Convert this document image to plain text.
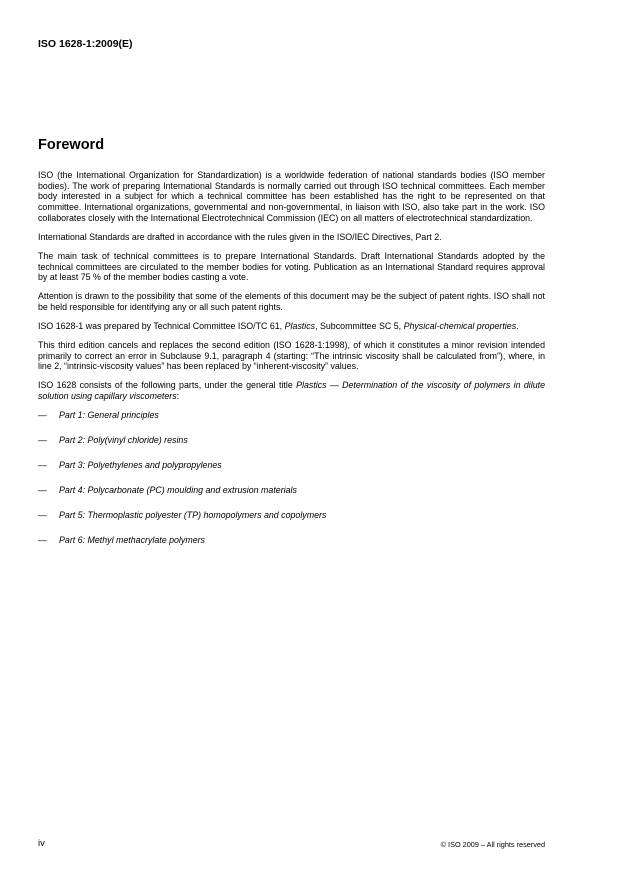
ISO 1628-1:2009(E)
Foreword

ISO (the International Organization for Standardization) is a worldwide federation of national standards bodies (ISO member bodies). The work of preparing International Standards is normally carried out through ISO technical committees. Each member body interested in a subject for which a technical committee has been established has the right to be represented on that committee. International organizations, governmental and non-governmental, in liaison with ISO, also take part in the work. ISO collaborates closely with the International Electrotechnical Commission (IEC) on all matters of electrotechnical standardization.

International Standards are drafted in accordance with the rules given in the ISO/IEC Directives, Part 2.

The main task of technical committees is to prepare International Standards. Draft International Standards adopted by the technical committees are circulated to the member bodies for voting. Publication as an International Standard requires approval by at least 75 % of the member bodies casting a vote.

Attention is drawn to the possibility that some of the elements of this document may be the subject of patent rights. ISO shall not be held responsible for identifying any or all such patent rights.

ISO 1628-1 was prepared by Technical Committee ISO/TC 61, Plastics, Subcommittee SC 5, Physical-chemical properties.

This third edition cancels and replaces the second edition (ISO 1628-1:1998), of which it constitutes a minor revision intended primarily to correct an error in Subclause 9.1, paragraph 4 (starting: “The intrinsic viscosity shall be calculated from”), where, in line 2, “intrinsic-viscosity values” has been replaced by “inherent-viscosity” values.

ISO 1628 consists of the following parts, under the general title Plastics — Determination of the viscosity of polymers in dilute solution using capillary viscometers:

—	Part 1: General principles
—	Part 2: Poly(vinyl chloride) resins
—	Part 3: Polyethylenes and polypropylenes
—	Part 4: Polycarbonate (PC) moulding and extrusion materials
—	Part 5: Thermoplastic polyester (TP) homopolymers and copolymers
—	Part 6: Methyl methacrylate polymers
iv	© ISO 2009 – All rights reserved
